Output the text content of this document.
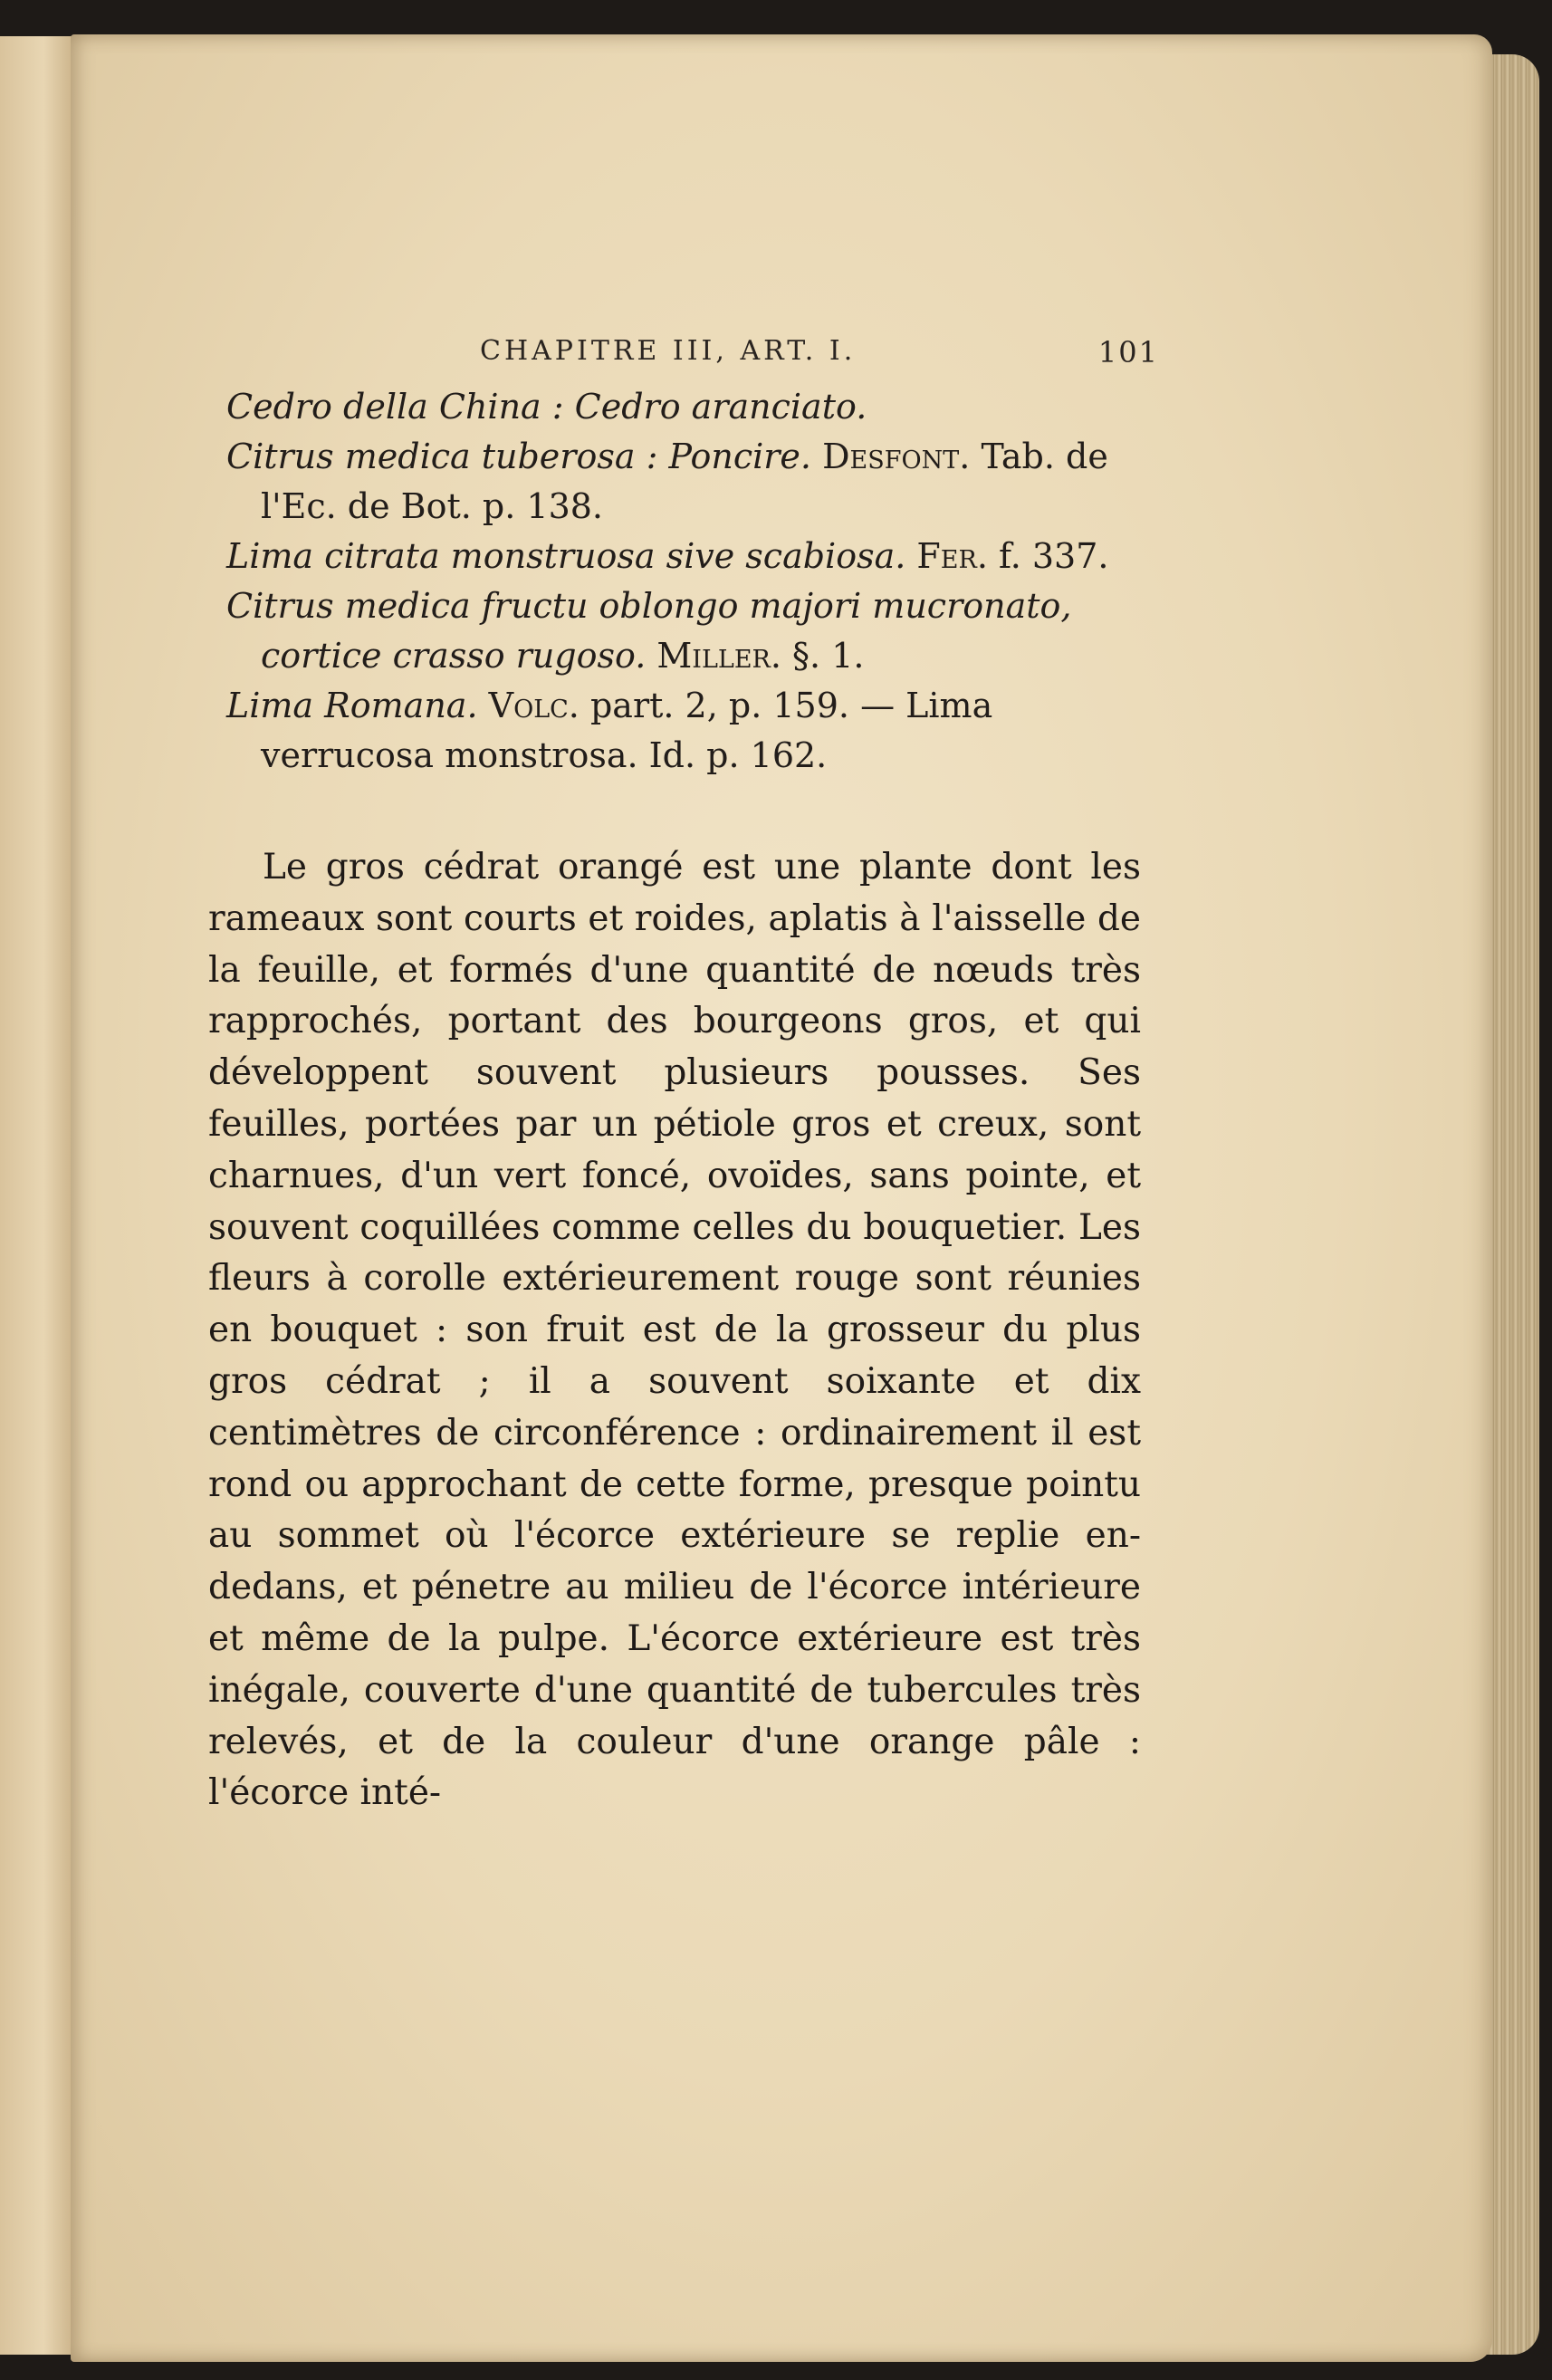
CHAPITRE III, ART. I.	101

Cedro della China : Cedro aranciato.

Citrus medica tuberosa : Poncire. Desfont. Tab. de l'Ec. de Bot. p. 138.

Lima citrata monstruosa sive scabiosa. Fer. f. 337.

Citrus medica fructu oblongo majori mucronato, cortice crasso rugoso. Miller. §. 1.

Lima Romana. Volc. part. 2, p. 159. — Lima verrucosa monstrosa. Id. p. 162.

Le gros cédrat orangé est une plante dont les rameaux sont courts et roides, aplatis à l'aisselle de la feuille, et formés d'une quantité de nœuds très rapprochés, portant des bourgeons gros, et qui développent souvent plusieurs pousses. Ses feuilles, portées par un pétiole gros et creux, sont charnues, d'un vert foncé, ovoïdes, sans pointe, et souvent coquillées comme celles du bouquetier. Les fleurs à corolle extérieurement rouge sont réunies en bouquet : son fruit est de la grosseur du plus gros cédrat ; il a souvent soixante et dix centimètres de circonférence : ordinairement il est rond ou approchant de cette forme, presque pointu au sommet où l'écorce extérieure se replie en-dedans, et pénetre au milieu de l'écorce intérieure et même de la pulpe. L'écorce extérieure est très inégale, couverte d'une quantité de tubercules très relevés, et de la couleur d'une orange pâle : l'écorce inté-
